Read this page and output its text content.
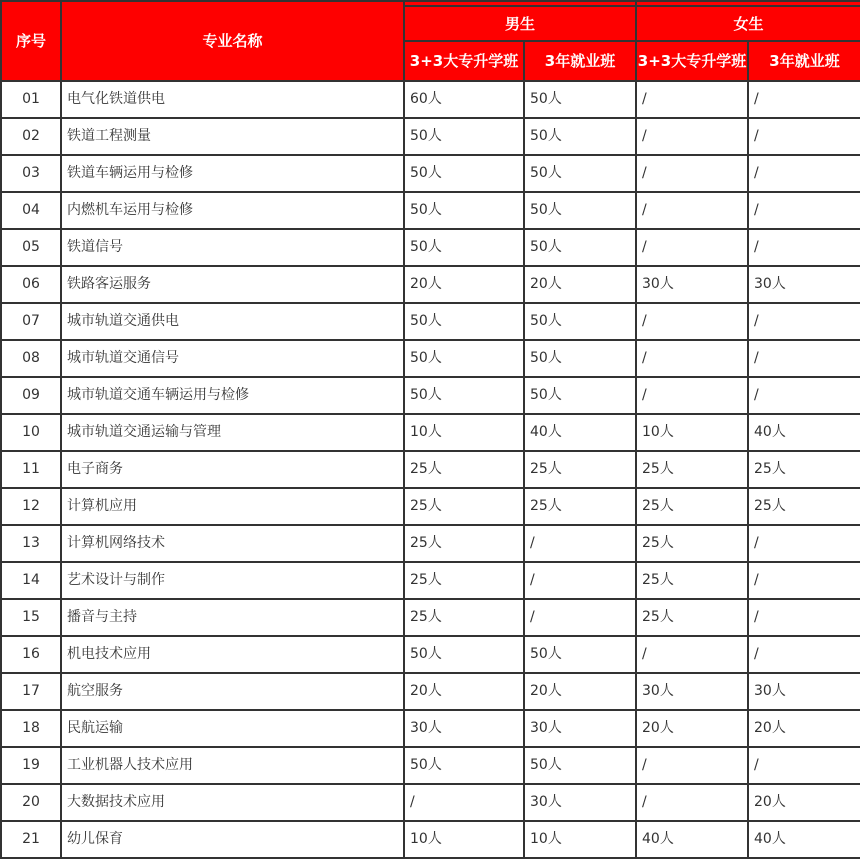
序号	专业名称				
		男生		女生	
		3+3大专升学班	3年就业班	3+3大专升学班	3年就业班
01	电气化铁道供电	60人	50人	/	/
02	铁道工程测量	50人	50人	/	/
03	铁道车辆运用与检修	50人	50人	/	/
04	内燃机车运用与检修	50人	50人	/	/
05	铁道信号	50人	50人	/	/
06	铁路客运服务	20人	20人	30人	30人
07	城市轨道交通供电	50人	50人	/	/
08	城市轨道交通信号	50人	50人	/	/
09	城市轨道交通车辆运用与检修	50人	50人	/	/
10	城市轨道交通运输与管理	10人	40人	10人	40人
11	电子商务	25人	25人	25人	25人
12	计算机应用	25人	25人	25人	25人
13	计算机网络技术	25人	/	25人	/
14	艺术设计与制作	25人	/	25人	/
15	播音与主持	25人	/	25人	/
16	机电技术应用	50人	50人	/	/
17	航空服务	20人	20人	30人	30人
18	民航运输	30人	30人	20人	20人
19	工业机器人技术应用	50人	50人	/	/
20	大数据技术应用	/	30人	/	20人
21	幼儿保育	10人	10人	40人	40人
